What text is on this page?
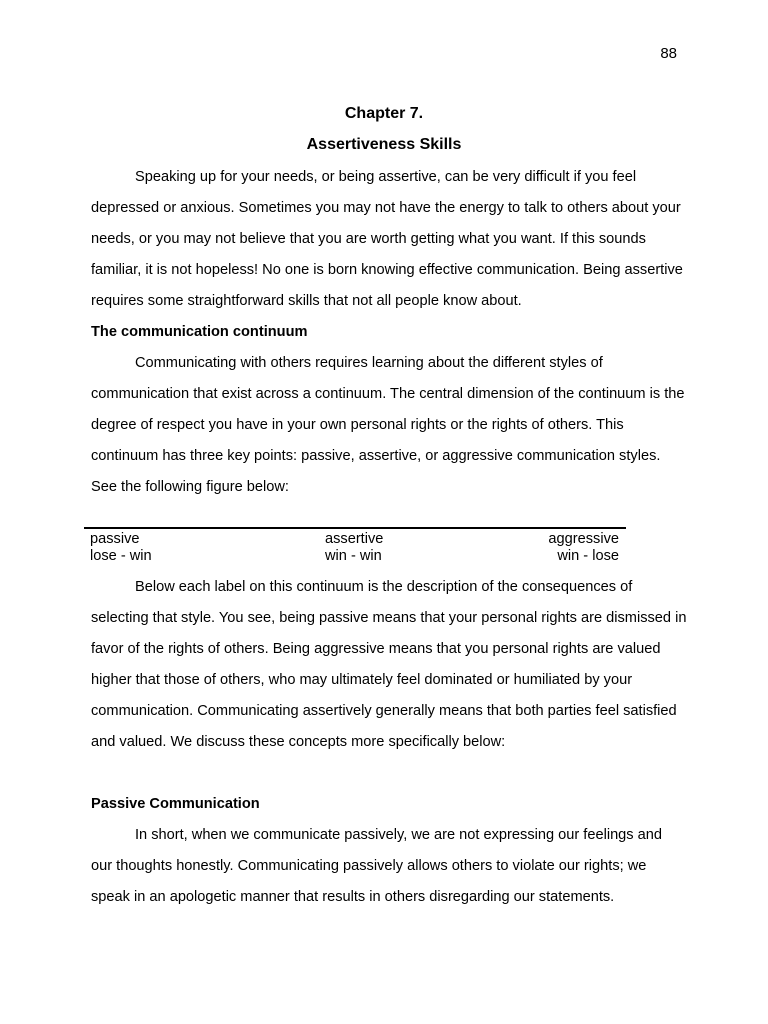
88
Chapter 7.
Assertiveness Skills

Speaking up for your needs, or being assertive, can be very difficult if you feel depressed or anxious. Sometimes you may not have the energy to talk to others about your needs, or you may not believe that you are worth getting what you want. If this sounds familiar, it is not hopeless! No one is born knowing effective communication. Being assertive requires some straightforward skills that not all people know about.

The communication continuum

Communicating with others requires learning about the different styles of communication that exist across a continuum. The central dimension of the continuum is the degree of respect you have in your own personal rights or the rights of others. This continuum has three key points: passive, assertive, or aggressive communication styles. See the following figure below:

passive
lose - win
assertive
win - win
aggressive
win - lose

Below each label on this continuum is the description of the consequences of selecting that style. You see, being passive means that your personal rights are dismissed in favor of the rights of others. Being aggressive means that you personal rights are valued higher that those of others, who may ultimately feel dominated or humiliated by your communication. Communicating assertively generally means that both parties feel satisfied and valued. We discuss these concepts more specifically below:

Passive Communication

In short, when we communicate passively, we are not expressing our feelings and our thoughts honestly. Communicating passively allows others to violate our rights; we speak in an apologetic manner that results in others disregarding our statements.
